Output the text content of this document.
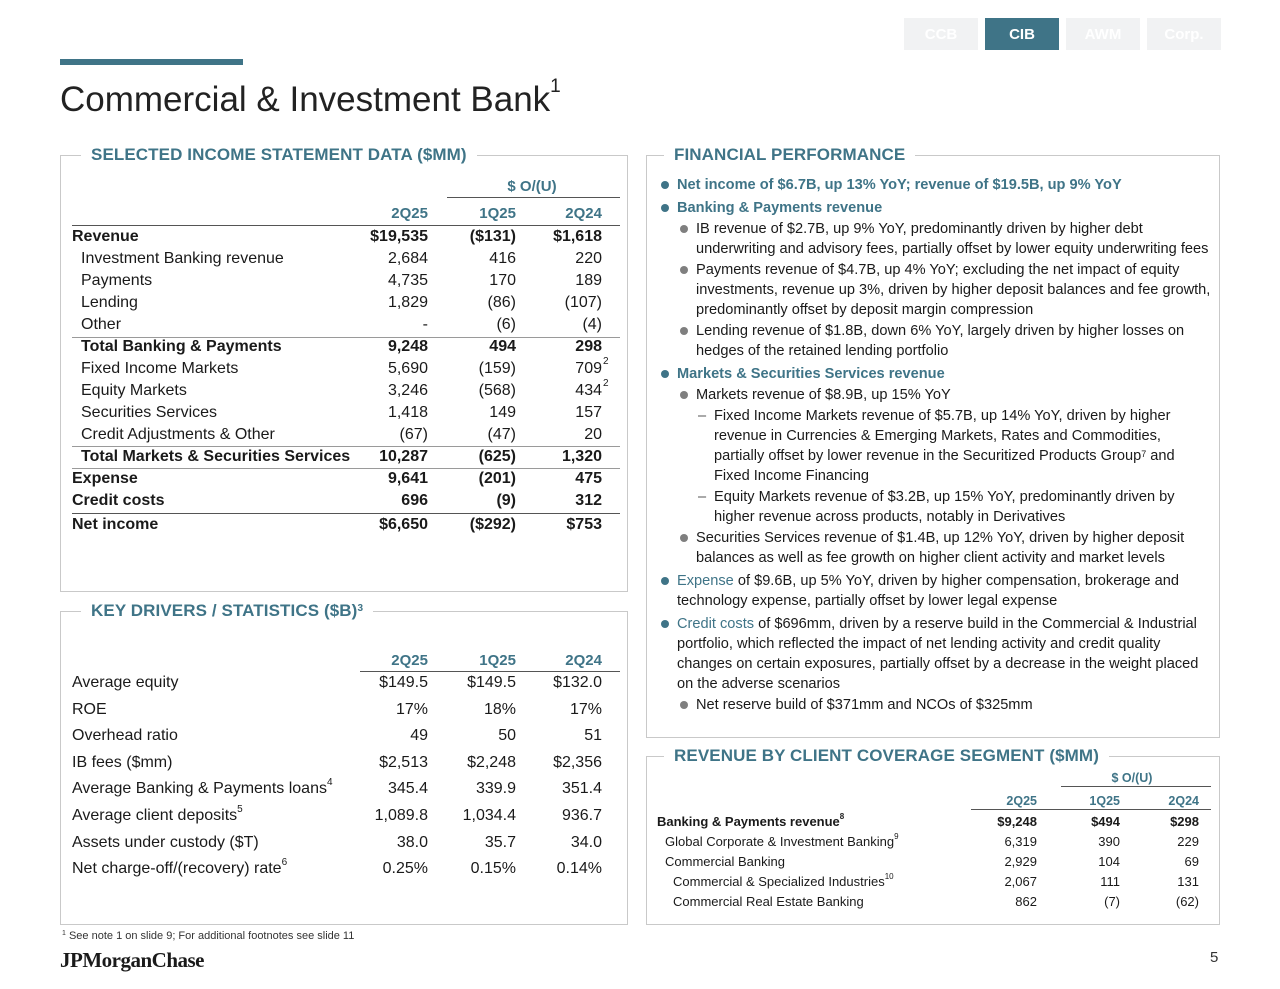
CCB	CIB	AWM	Corp.
Commercial & Investment Bank$^1$
SELECTED INCOME STATEMENT DATA ($MM)
$ O/(U)
2Q25	1Q25	2Q24
Revenue	$19,535	($131)	$1,618
Investment Banking revenue	2,684	416	220
Payments	4,735	170	189
Lending	1,829	(86)	(107)
Other	-	(6)	(4)
Total Banking & Payments	9,248	494	298
Fixed Income Markets	5,690	(159)	709 2
Equity Markets	3,246	(568)	434 2
Securities Services	1,418	149	157
Credit Adjustments & Other	(67)	(47)	20
Total Markets & Securities Services	10,287	(625)	1,320
Expense	9,641	(201)	475
Credit costs	696	(9)	312
Net income	$6,650	($292)	$753
KEY DRIVERS / STATISTICS ($B)$^3$
2Q25	1Q25	2Q24
Average equity	$149.5	$149.5	$132.0
ROE	17%	18%	17%
Overhead ratio	49	50	51
IB fees ($mm)	$2,513	$2,248	$2,356
Average Banking & Payments loans$^4$	345.4	339.9	351.4
Average client deposits$^5$	1,089.8	1,034.4	936.7
Assets under custody ($T)	38.0	35.7	34.0
Net charge-off/(recovery) rate$^6$	0.25%	0.15%	0.14%
FINANCIAL PERFORMANCE
Net income of $6.7B, up 13% YoY; revenue of $19.5B, up 9% YoY
Banking & Payments revenue
IB revenue of $2.7B, up 9% YoY, predominantly driven by higher debt underwriting and advisory fees, partially offset by lower equity underwriting fees
Payments revenue of $4.7B, up 4% YoY; excluding the net impact of equity investments, revenue up 3%, driven by higher deposit balances and fee growth, predominantly offset by deposit margin compression
Lending revenue of $1.8B, down 6% YoY, largely driven by higher losses on hedges of the retained lending portfolio
Markets & Securities Services revenue
Markets revenue of $8.9B, up 15% YoY
– Fixed Income Markets revenue of $5.7B, up 14% YoY, driven by higher revenue in Currencies & Emerging Markets, Rates and Commodities, partially offset by lower revenue in the Securitized Products Group$^7$ and Fixed Income Financing
– Equity Markets revenue of $3.2B, up 15% YoY, predominantly driven by higher revenue across products, notably in Derivatives
Securities Services revenue of $1.4B, up 12% YoY, driven by higher deposit balances as well as fee growth on higher client activity and market levels
Expense of $9.6B, up 5% YoY, driven by higher compensation, brokerage and technology expense, partially offset by lower legal expense
Credit costs of $696mm, driven by a reserve build in the Commercial & Industrial portfolio, which reflected the impact of net lending activity and credit quality changes on certain exposures, partially offset by a decrease in the weight placed on the adverse scenarios
Net reserve build of $371mm and NCOs of $325mm
REVENUE BY CLIENT COVERAGE SEGMENT ($MM)
$ O/(U)
2Q25	1Q25	2Q24
Banking & Payments revenue$^8$	$9,248	$494	$298
Global Corporate & Investment Banking$^9$	6,319	390	229
Commercial Banking	2,929	104	69
Commercial & Specialized Industries$^{10}$	2,067	111	131
Commercial Real Estate Banking	862	(7)	(62)
$^1$ See note 1 on slide 9; For additional footnotes see slide 11
JPMorganChase	5
